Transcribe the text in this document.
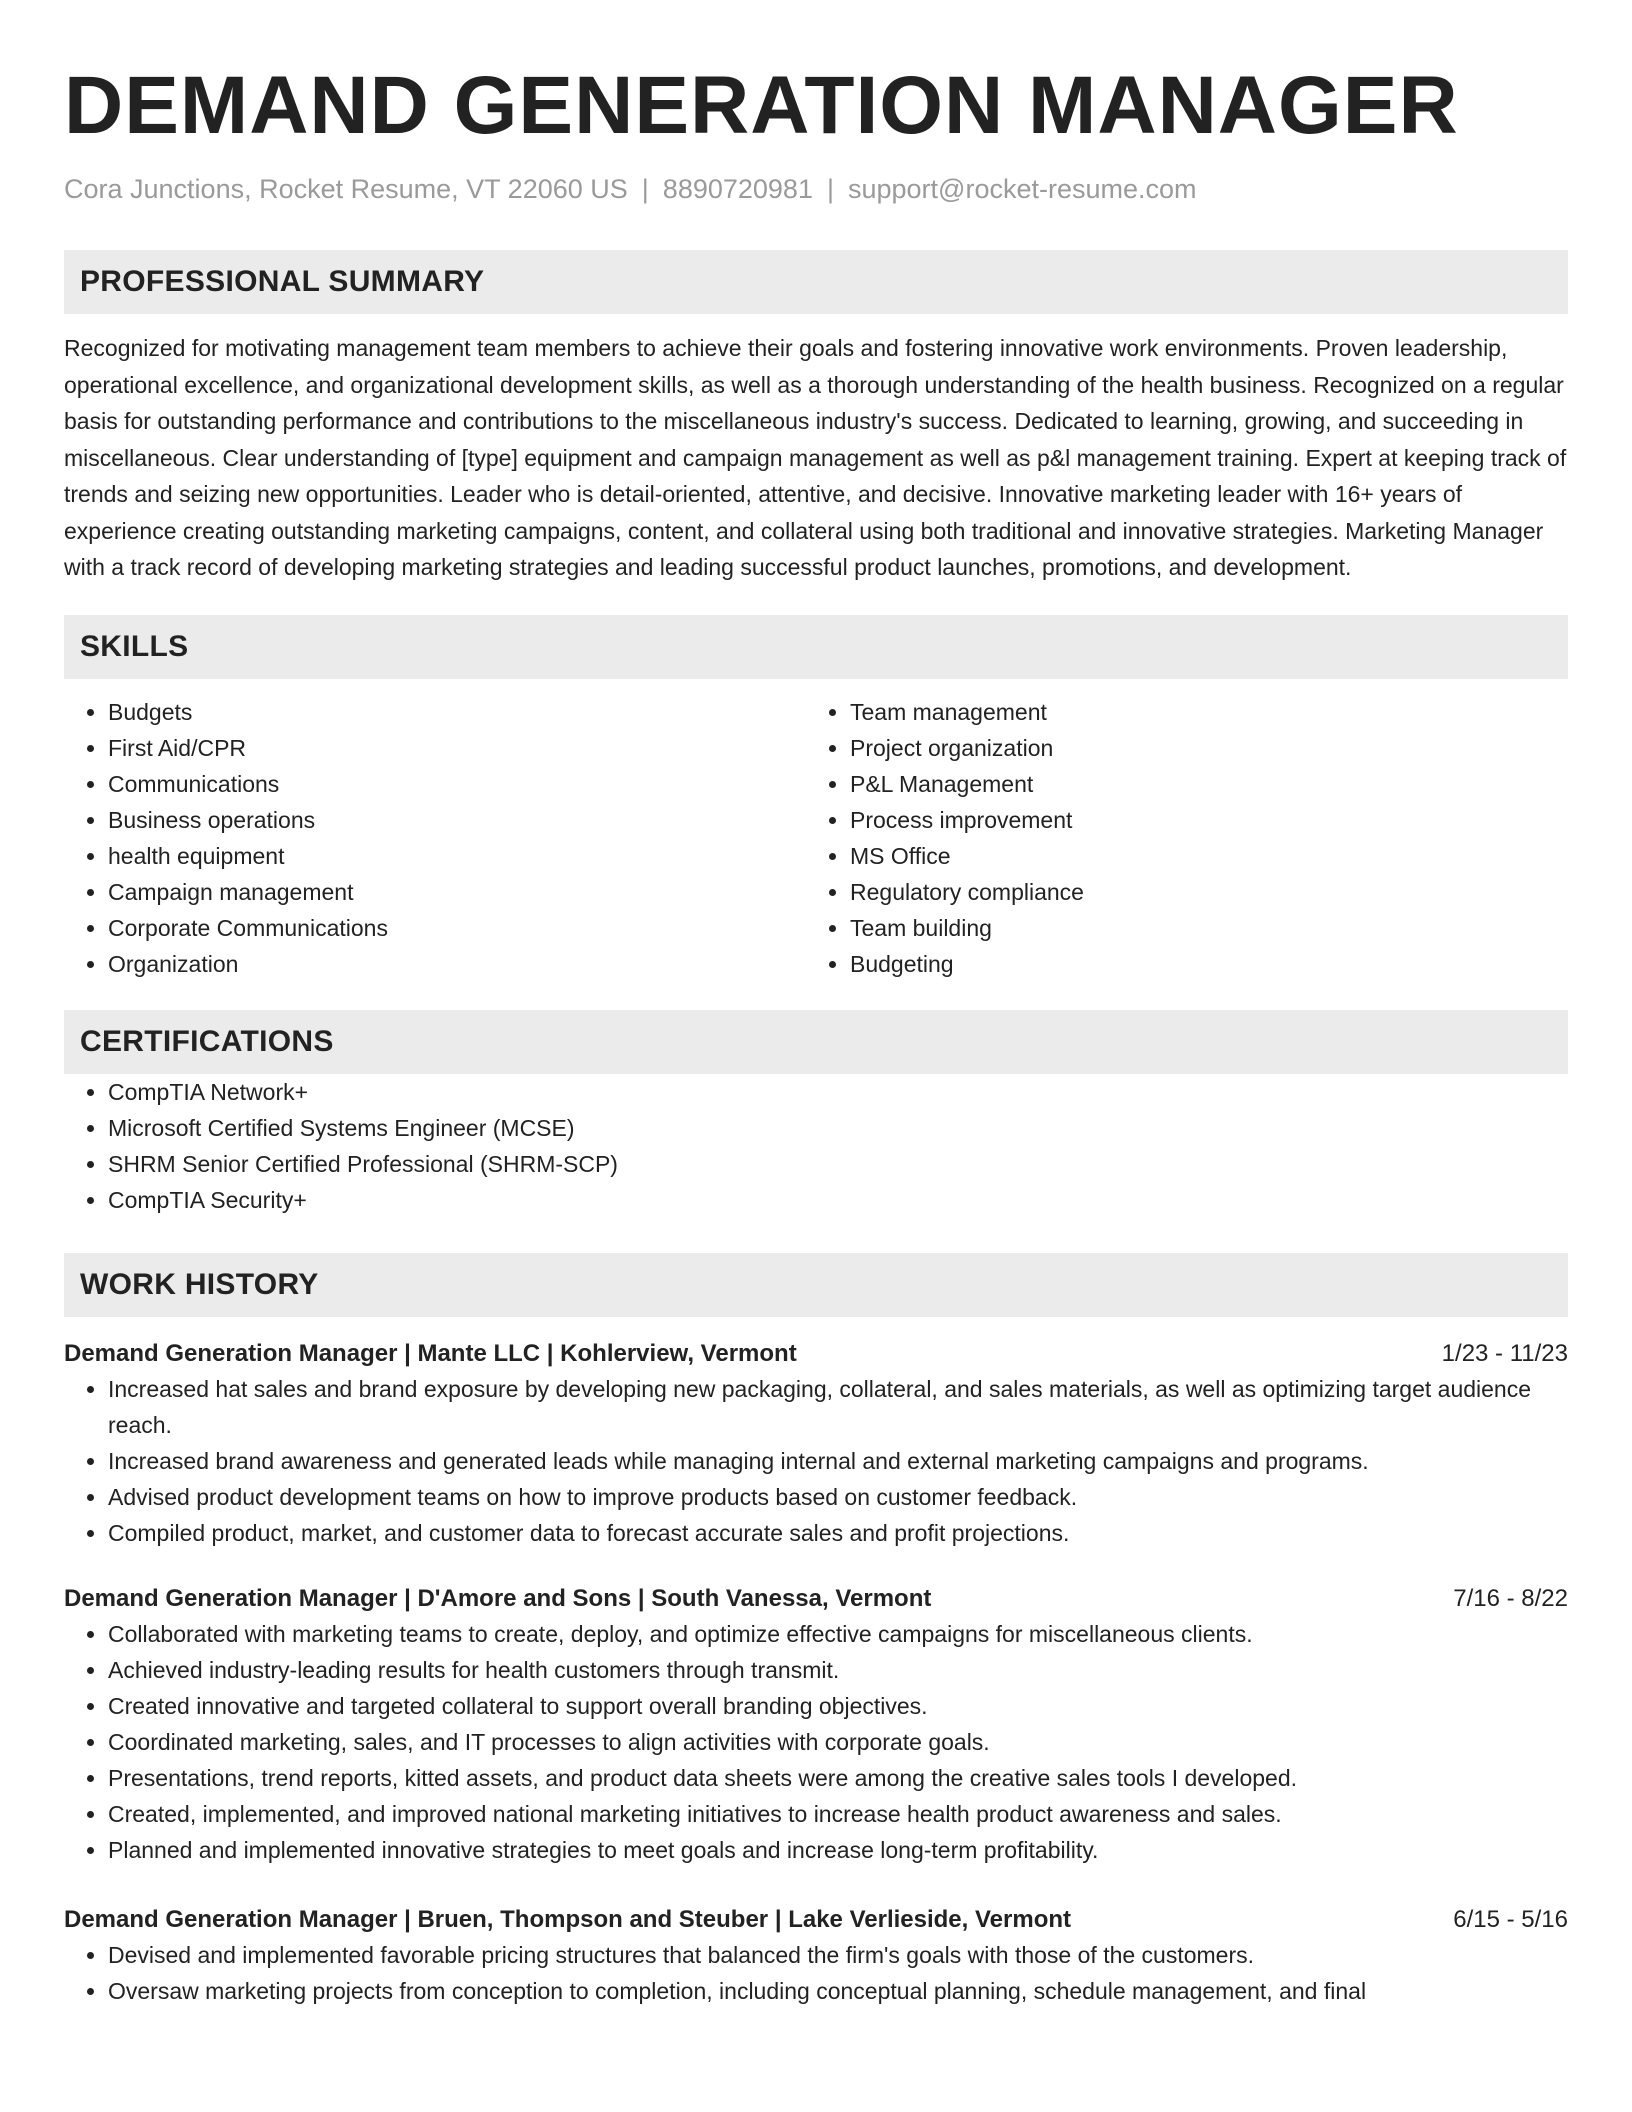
DEMAND GENERATION MANAGER
Cora Junctions, Rocket Resume, VT 22060 US | 8890720981 | support@rocket-resume.com
PROFESSIONAL SUMMARY

Recognized for motivating management team members to achieve their goals and fostering innovative work environments. Proven leadership, operational excellence, and organizational development skills, as well as a thorough understanding of the health business. Recognized on a regular basis for outstanding performance and contributions to the miscellaneous industry's success. Dedicated to learning, growing, and succeeding in miscellaneous. Clear understanding of [type] equipment and campaign management as well as p&l management training. Expert at keeping track of trends and seizing new opportunities. Leader who is detail-oriented, attentive, and decisive. Innovative marketing leader with 16+ years of experience creating outstanding marketing campaigns, content, and collateral using both traditional and innovative strategies. Marketing Manager with a track record of developing marketing strategies and leading successful product launches, promotions, and development.

SKILLS
• Budgets
• First Aid/CPR
• Communications
• Business operations
• health equipment
• Campaign management
• Corporate Communications
• Organization
• Team management
• Project organization
• P&L Management
• Process improvement
• MS Office
• Regulatory compliance
• Team building
• Budgeting
CERTIFICATIONS
• CompTIA Network+
• Microsoft Certified Systems Engineer (MCSE)
• SHRM Senior Certified Professional (SHRM-SCP)
• CompTIA Security+
WORK HISTORY
Demand Generation Manager | Mante LLC | Kohlerview, Vermont	1/23 - 11/23
• Increased hat sales and brand exposure by developing new packaging, collateral, and sales materials, as well as optimizing target audience reach.
• Increased brand awareness and generated leads while managing internal and external marketing campaigns and programs.
• Advised product development teams on how to improve products based on customer feedback.
• Compiled product, market, and customer data to forecast accurate sales and profit projections.
Demand Generation Manager | D'Amore and Sons | South Vanessa, Vermont	7/16 - 8/22
• Collaborated with marketing teams to create, deploy, and optimize effective campaigns for miscellaneous clients.
• Achieved industry-leading results for health customers through transmit.
• Created innovative and targeted collateral to support overall branding objectives.
• Coordinated marketing, sales, and IT processes to align activities with corporate goals.
• Presentations, trend reports, kitted assets, and product data sheets were among the creative sales tools I developed.
• Created, implemented, and improved national marketing initiatives to increase health product awareness and sales.
• Planned and implemented innovative strategies to meet goals and increase long-term profitability.
Demand Generation Manager | Bruen, Thompson and Steuber | Lake Verlieside, Vermont	6/15 - 5/16
• Devised and implemented favorable pricing structures that balanced the firm's goals with those of the customers.
• Oversaw marketing projects from conception to completion, including conceptual planning, schedule management, and final
